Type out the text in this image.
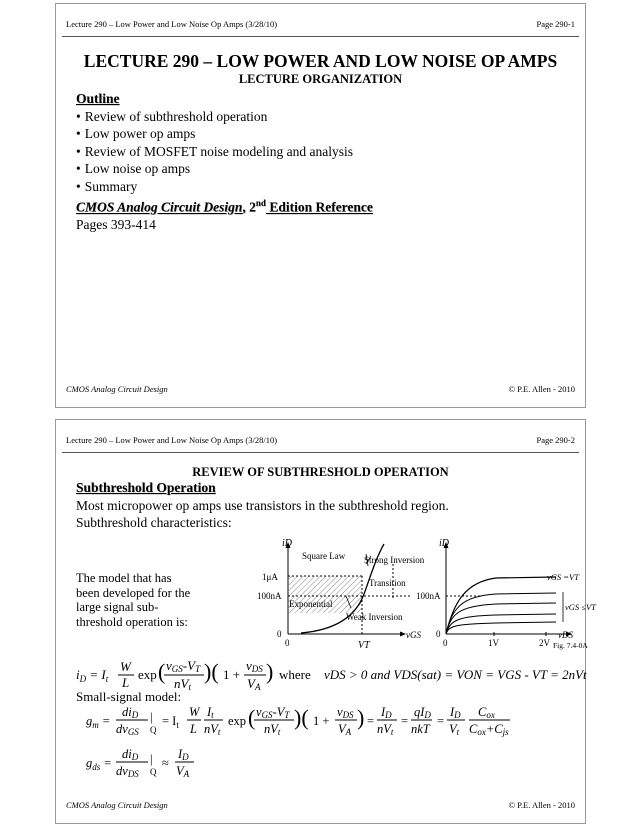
Lecture 290 – Low Power and Low Noise Op Amps (3/28/10)	Page 290-1
LECTURE 290 – LOW POWER AND LOW NOISE OP AMPS
LECTURE ORGANIZATION
Outline
• Review of subthreshold operation
• Low power op amps
• Review of MOSFET noise modeling and analysis
• Low noise op amps
• Summary
CMOS Analog Circuit Design, 2nd Edition Reference
Pages 393-414
CMOS Analog Circuit Design	© P.E. Allen - 2010
Lecture 290 – Low Power and Low Noise Op Amps (3/28/10)	Page 290-2
REVIEW OF SUBTHRESHOLD OPERATION
Subthreshold Operation
Most micropower op amps use transistors in the subthreshold region.
Subthreshold characteristics:
The model that has been developed for the large signal sub-threshold operation is:
iD
Square Law Strong Inversion
Transition
Exponential
Weak Inversion
1μA
100nA
0
0	VT
vGS
iD
100nA
0
0	1V	2V
vGS =VT
vGS ≤VT
vDS
Fig. 7.4-0A
$i_D = I_t$
W
L
exp ( vGS-VT
nVt
)( 1 +
vDS
VA
) where vDS > 0 and VDS(sat) = VON = VGS - VT = 2nVt
Small-signal model:
$g_m$ =
diD
dvGS
|
Q
= $I_t$
W
L
It
nVt
exp ( vGS-VT
nVt
)( 1 +
vDS
VA
) =
ID
nVt
=
qID
nkT
=
ID
Vt
Cox
Cox+Cjs
$g_{ds}$ =
diD
dvDS
|
Q
≈
ID
VA
CMOS Analog Circuit Design	© P.E. Allen - 2010
